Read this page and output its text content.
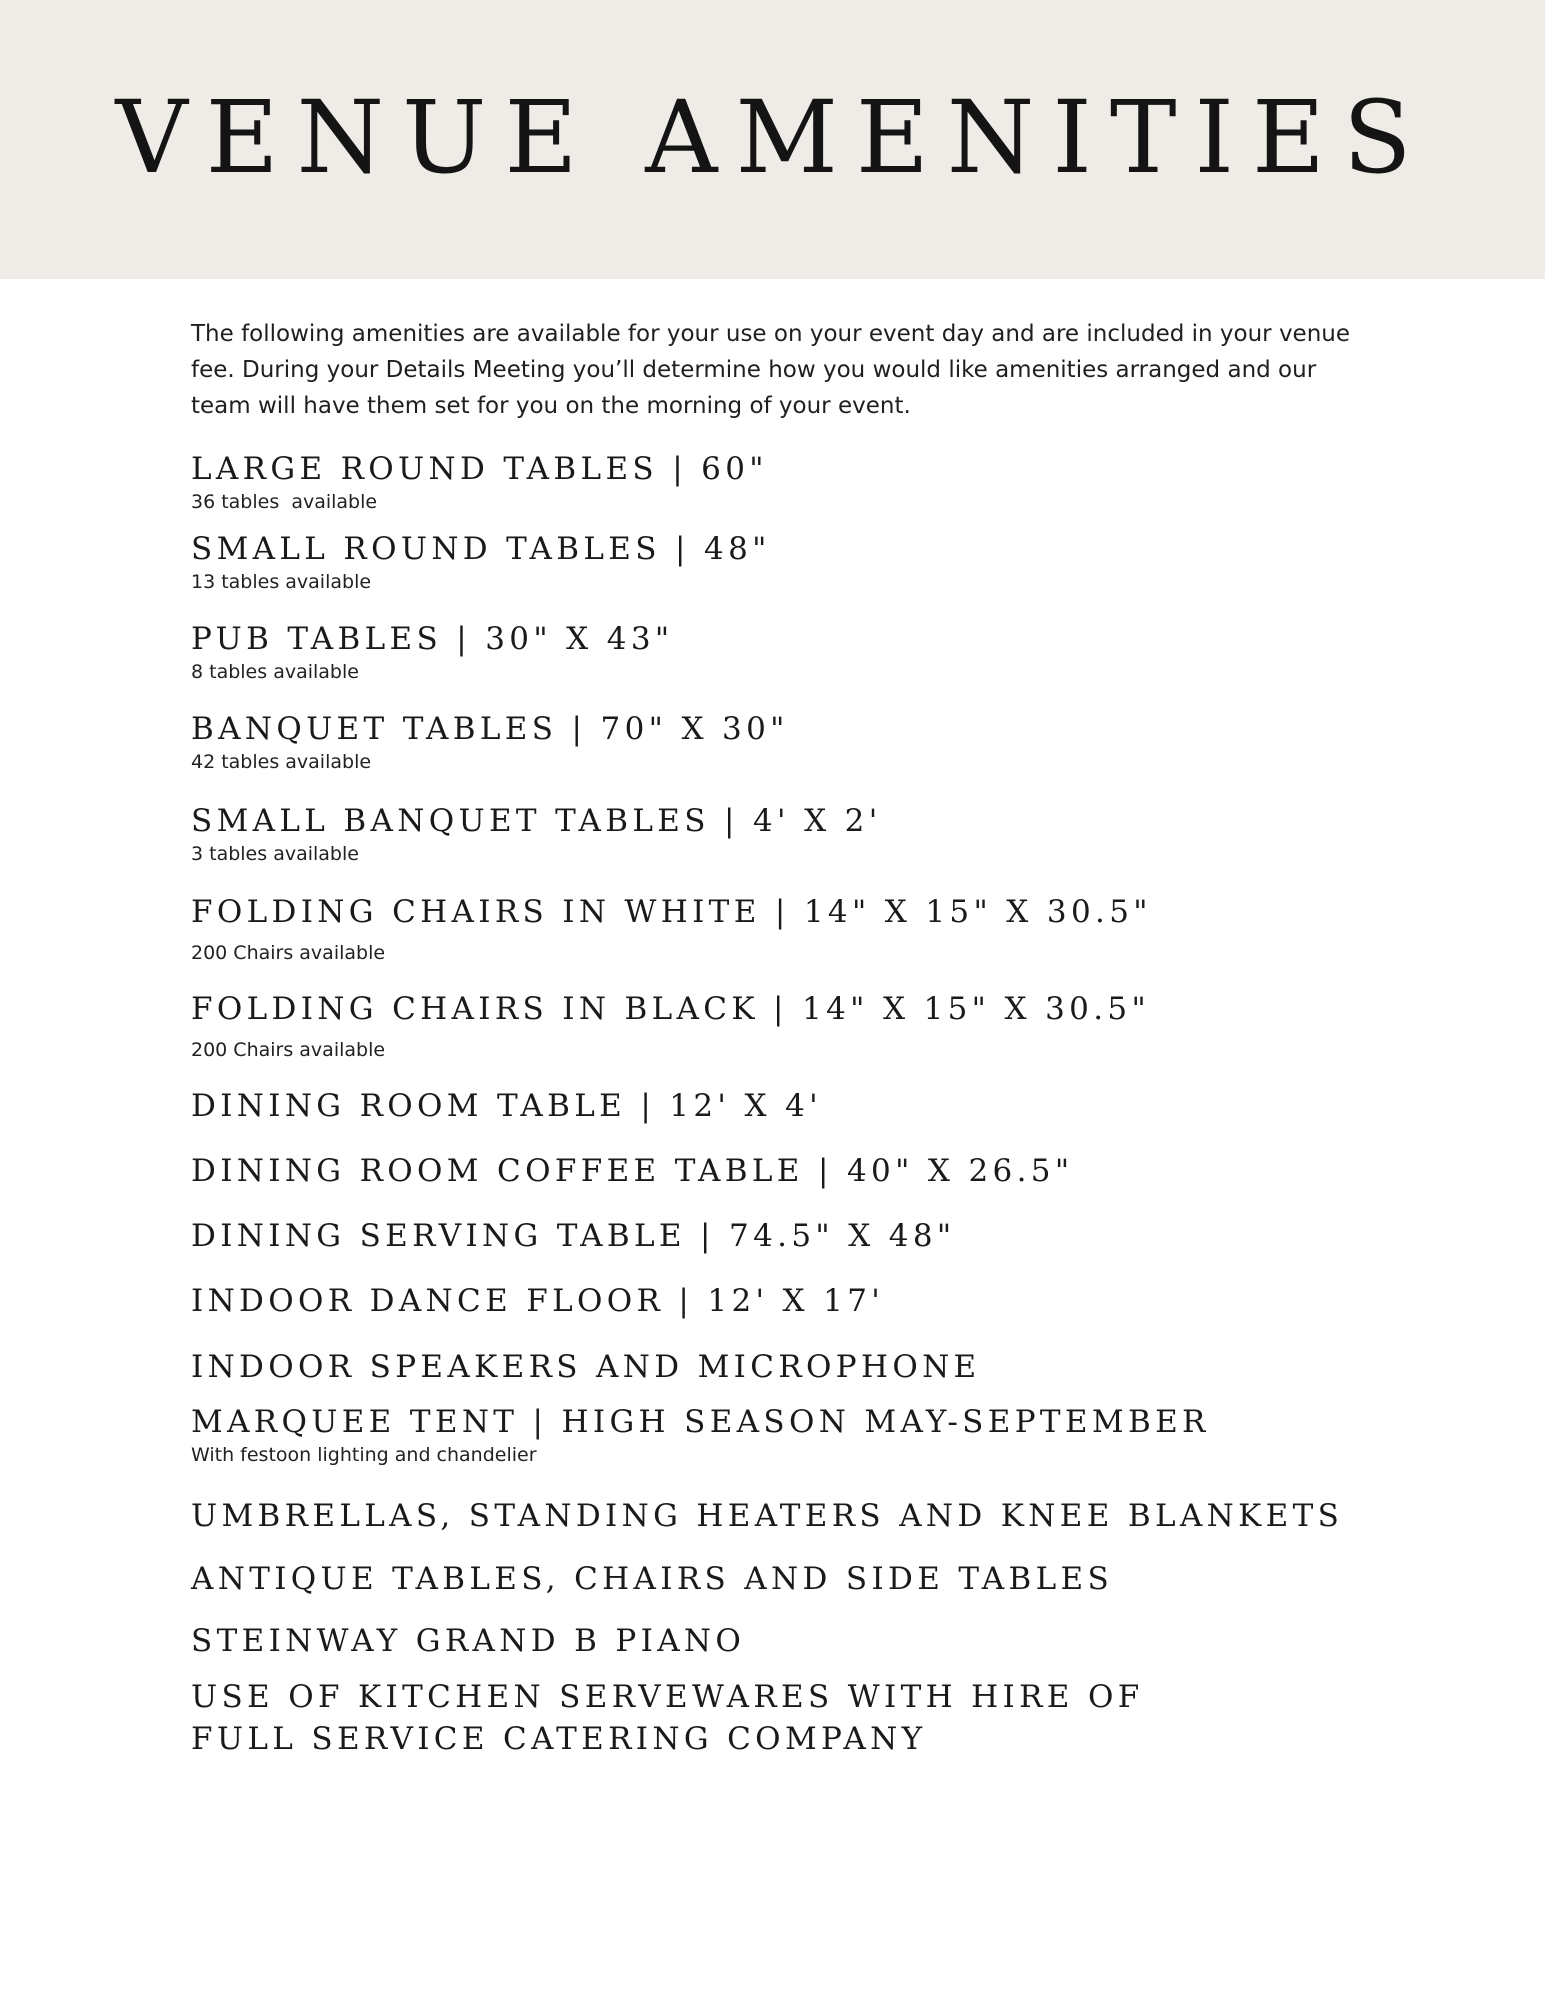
VENUE AMENITIES

The following amenities are available for your use on your event day and are included in your venue fee. During your Details Meeting you’ll determine how you would like amenities arranged and our team will have them set for you on the morning of your event.

LARGE ROUND TABLES | 60"
36 tables  available
SMALL ROUND TABLES | 48"
13 tables available
PUB TABLES | 30" X 43"
8 tables available
BANQUET TABLES | 70" X 30"
42 tables available
SMALL BANQUET TABLES | 4' X 2'
3 tables available
FOLDING CHAIRS IN WHITE | 14" X 15" X 30.5"
200 Chairs available
FOLDING CHAIRS IN BLACK | 14" X 15" X 30.5"
200 Chairs available
DINING ROOM TABLE | 12' X 4'
DINING ROOM COFFEE TABLE | 40" X 26.5"
DINING SERVING TABLE | 74.5" X 48"
INDOOR DANCE FLOOR | 12' X 17'
INDOOR SPEAKERS AND MICROPHONE
MARQUEE TENT | HIGH SEASON MAY-SEPTEMBER
With festoon lighting and chandelier
UMBRELLAS, STANDING HEATERS AND KNEE BLANKETS
ANTIQUE TABLES, CHAIRS AND SIDE TABLES
STEINWAY GRAND B PIANO
USE OF KITCHEN SERVEWARES WITH HIRE OF FULL SERVICE CATERING COMPANY
